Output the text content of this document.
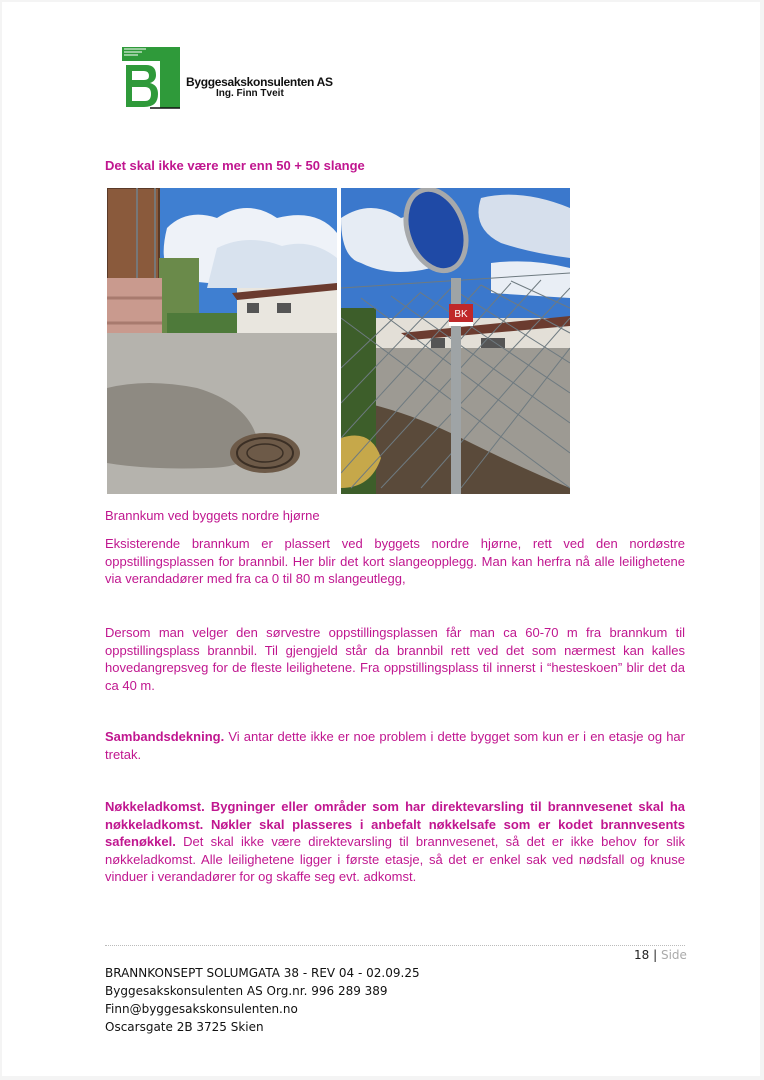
Byggesakskonsulenten AS
Ing. Finn Tveit
Det skal ikke være mer enn 50 + 50 slange
BK
Brannkum ved byggets nordre hjørne
Eksisterende brannkum er plassert ved byggets nordre hjørne, rett ved den nordøstre oppstillingsplassen for brannbil. Her blir det kort slangeopplegg. Man kan herfra nå alle leilighetene via verandadører med fra ca 0 til 80 m slangeutlegg,
Dersom man velger den sørvestre oppstillingsplassen får man ca 60-70 m fra brannkum til oppstillingsplass brannbil. Til gjengjeld står da brannbil rett ved det som nærmest kan kalles hovedangrepsveg for de fleste leilighetene. Fra oppstillingsplass til innerst i “hesteskoen” blir det da ca 40 m.
Sambandsdekning. Vi antar dette ikke er noe problem i dette bygget som kun er i en etasje og har tretak.
Nøkkeladkomst. Bygninger eller områder som har direktevarsling til brannvesenet skal ha nøkkeladkomst. Nøkler skal plasseres i anbefalt nøkkelsafe som er kodet brannvesents safenøkkel. Det skal ikke være direktevarsling til brannvesenet, så det er ikke behov for slik nøkkeladkomst. Alle leilighetene ligger i første etasje, så det er enkel sak ved nødsfall og knuse vinduer i verandadører for og skaffe seg evt. adkomst.
18 | Side
BRANNKONSEPT SOLUMGATA 38 - REV 04 - 02.09.25
Byggesakskonsulenten AS Org.nr. 996 289 389
Finn@byggesakskonsulenten.no
Oscarsgate 2B 3725 Skien
